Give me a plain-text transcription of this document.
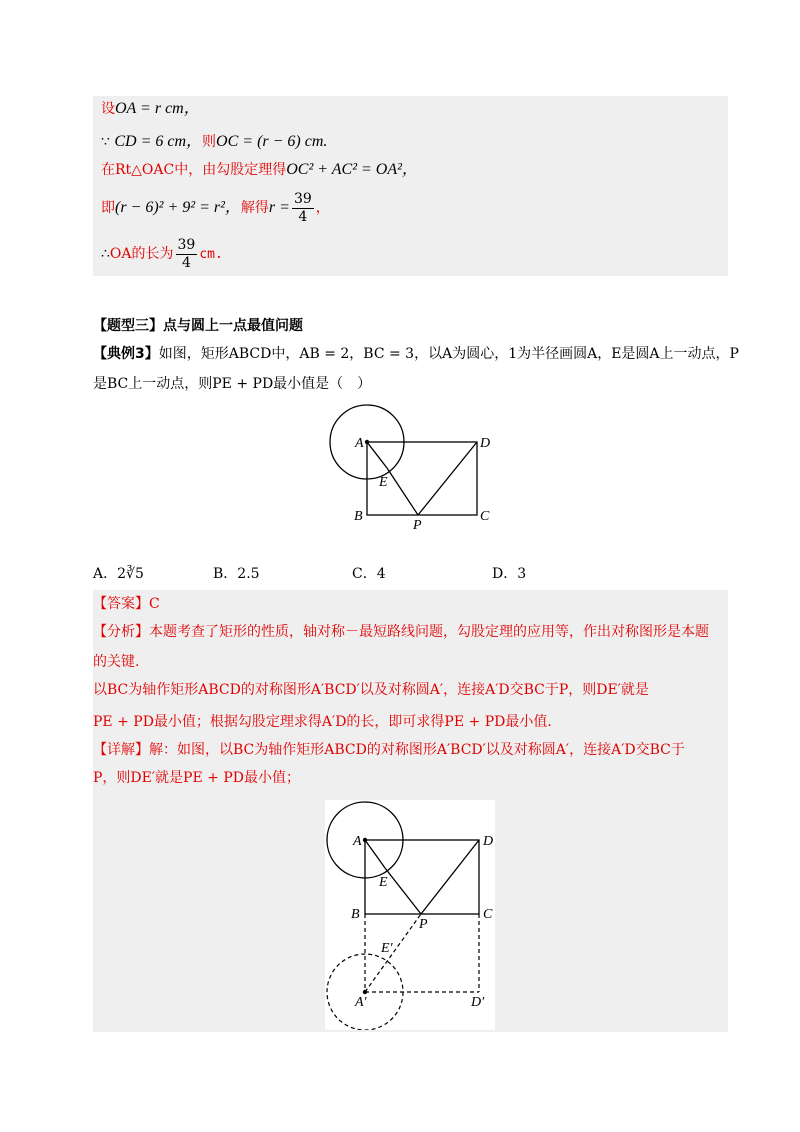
设OA = r cm，
∵ CD = 6 cm，则OC = (r − 6) cm.
在Rt△OAC中，由勾股定理得OC² + AC² = OA²，
即(r − 6)² + 9² = r²，解得$r = \frac{39}{4}$ ，
∴OA的长为 $\frac{39}{4}$ cm.
【题型三】点与圆上一点最值问题
【典例3】如图，矩形ABCD中，AB = 2，BC = 3，以A为圆心，1为半径画圆A，E是圆A上一动点，P
是BC上一动点，则PE + PD最小值是（　）
A	D
E
B	C
P
A．2∛5	B．2.5	C．4	D．3
【答案】C
【分析】本题考查了矩形的性质，轴对称－最短路线问题，勾股定理的应用等，作出对称图形是本题
的关键.
以BC为轴作矩形ABCD的对称图形A′BCD′以及对称圆A′，连接A′D交BC于P，则DE′就是
PE + PD最小值；根据勾股定理求得A′D的长，即可求得PE + PD最小值.
【详解】解：如图，以BC为轴作矩形ABCD的对称图形A′BCD′以及对称圆A′，连接A′D交BC于
P，则DE′就是PE + PD最小值；
A	D
E
B	C
P
E′
A′	D′
